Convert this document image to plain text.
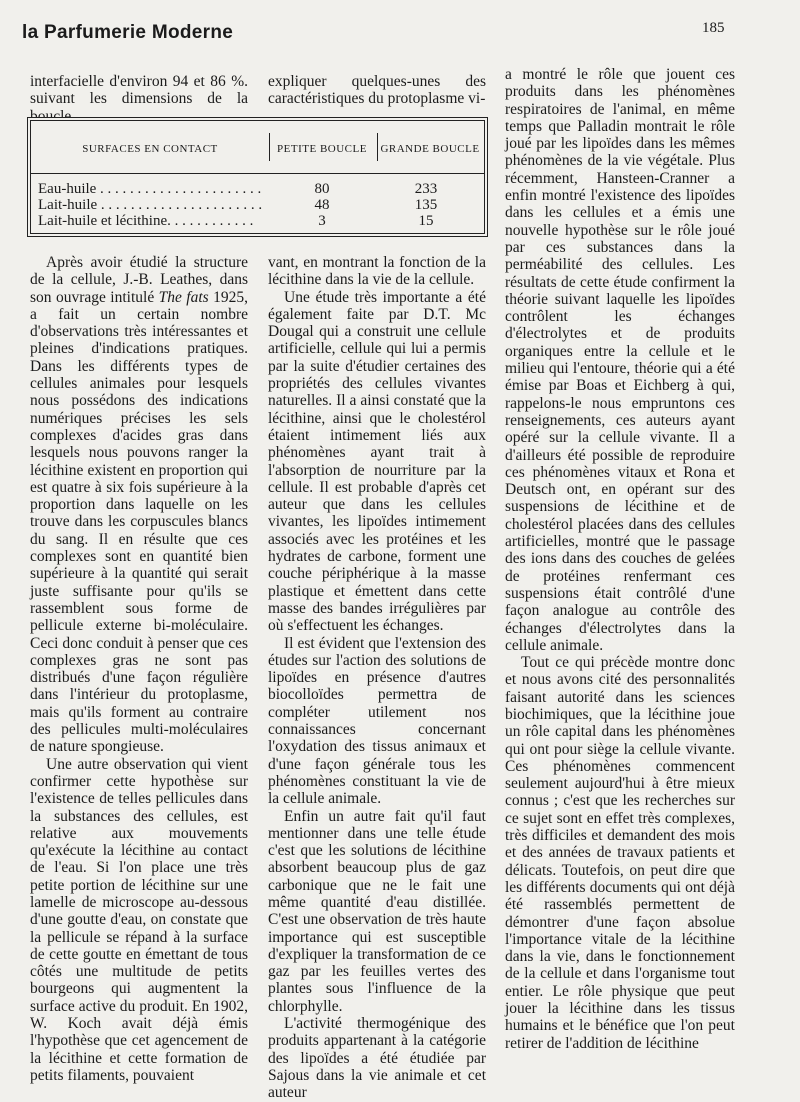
la Parfumerie Moderne	185

interfacielle d'environ 94 et 86 %. suivant les dimensions de la boucle.

expliquer quelques-unes des caractéristiques du protoplasme vi-

SURFACES EN CONTACT	PETITE BOUCLE	GRANDE BOUCLE
Eau-huile . . . . . . . . . . . . . . . . . . . . . .	80	233
Lait-huile . . . . . . . . . . . . . . . . . . . . . .	48	135
Lait-huile et lécithine. . . . . . . . . . . .	3	15

Après avoir étudié la structure de la cellule, J.-B. Leathes, dans son ouvrage intitulé The fats 1925, a fait un certain nombre d'observations très intéressantes et pleines d'indications pratiques. Dans les différents types de cellules animales pour lesquels nous possédons des indications numériques précises les sels complexes d'acides gras dans lesquels nous pouvons ranger la lécithine existent en proportion qui est quatre à six fois supérieure à la proportion dans laquelle on les trouve dans les corpuscules blancs du sang. Il en résulte que ces complexes sont en quantité bien supérieure à la quantité qui serait juste suffisante pour qu'ils se rassemblent sous forme de pellicule externe bi-moléculaire. Ceci donc conduit à penser que ces complexes gras ne sont pas distribués d'une façon régulière dans l'intérieur du protoplasme, mais qu'ils forment au contraire des pellicules multi-moléculaires de nature spongieuse.

Une autre observation qui vient confirmer cette hypothèse sur l'existence de telles pellicules dans la substances des cellules, est relative aux mouvements qu'exécute la lécithine au contact de l'eau. Si l'on place une très petite portion de lécithine sur une lamelle de microscope au-dessous d'une goutte d'eau, on constate que la pellicule se répand à la surface de cette goutte en émettant de tous côtés une multitude de petits bourgeons qui augmentent la surface active du produit. En 1902, W. Koch avait déjà émis l'hypothèse que cet agencement de la lécithine et cette formation de petits filaments, pouvaient

vant, en montrant la fonction de la lécithine dans la vie de la cellule.

Une étude très importante a été également faite par D.T. Mc Dougal qui a construit une cellule artificielle, cellule qui lui a permis par la suite d'étudier certaines des propriétés des cellules vivantes naturelles. Il a ainsi constaté que la lécithine, ainsi que le cholestérol étaient intimement liés aux phénomènes ayant trait à l'absorption de nourriture par la cellule. Il est probable d'après cet auteur que dans les cellules vivantes, les lipoïdes intimement associés avec les protéines et les hydrates de carbone, forment une couche périphérique à la masse plastique et émettent dans cette masse des bandes irrégulières par où s'effectuent les échanges.

Il est évident que l'extension des études sur l'action des solutions de lipoïdes en présence d'autres biocolloïdes permettra de compléter utilement nos connaissances concernant l'oxydation des tissus animaux et d'une façon générale tous les phénomènes constituant la vie de la cellule animale.

Enfin un autre fait qu'il faut mentionner dans une telle étude c'est que les solutions de lécithine absorbent beaucoup plus de gaz carbonique que ne le fait une même quantité d'eau distillée. C'est une observation de très haute importance qui est susceptible d'expliquer la transformation de ce gaz par les feuilles vertes des plantes sous l'influence de la chlorphylle.

L'activité thermogénique des produits appartenant à la catégorie des lipoïdes a été étudiée par Sajous dans la vie animale et cet auteur

a montré le rôle que jouent ces produits dans les phénomènes respiratoires de l'animal, en même temps que Palladin montrait le rôle joué par les lipoïdes dans les mêmes phénomènes de la vie végétale. Plus récemment, Hansteen-Cranner a enfin montré l'existence des lipoïdes dans les cellules et a émis une nouvelle hypothèse sur le rôle joué par ces substances dans la perméabilité des cellules. Les résultats de cette étude confirment la théorie suivant laquelle les lipoïdes contrôlent les échanges d'électrolytes et de produits organiques entre la cellule et le milieu qui l'entoure, théorie qui a été émise par Boas et Eichberg à qui, rappelons-le nous empruntons ces renseignements, ces auteurs ayant opéré sur la cellule vivante. Il a d'ailleurs été possible de reproduire ces phénomènes vitaux et Rona et Deutsch ont, en opérant sur des suspensions de lécithine et de cholestérol placées dans des cellules artificielles, montré que le passage des ions dans des couches de gelées de protéines renfermant ces suspensions était contrôlé d'une façon analogue au contrôle des échanges d'électrolytes dans la cellule animale.

Tout ce qui précède montre donc et nous avons cité des personnalités faisant autorité dans les sciences biochimiques, que la lécithine joue un rôle capital dans les phénomènes qui ont pour siège la cellule vivante. Ces phénomènes commencent seulement aujourd'hui à être mieux connus ; c'est que les recherches sur ce sujet sont en effet très complexes, très difficiles et demandent des mois et des années de travaux patients et délicats. Toutefois, on peut dire que les différents documents qui ont déjà été rassemblés permettent de démontrer d'une façon absolue l'importance vitale de la lécithine dans la vie, dans le fonctionnement de la cellule et dans l'organisme tout entier. Le rôle physique que peut jouer la lécithine dans les tissus humains et le bénéfice que l'on peut retirer de l'addition de lécithine
